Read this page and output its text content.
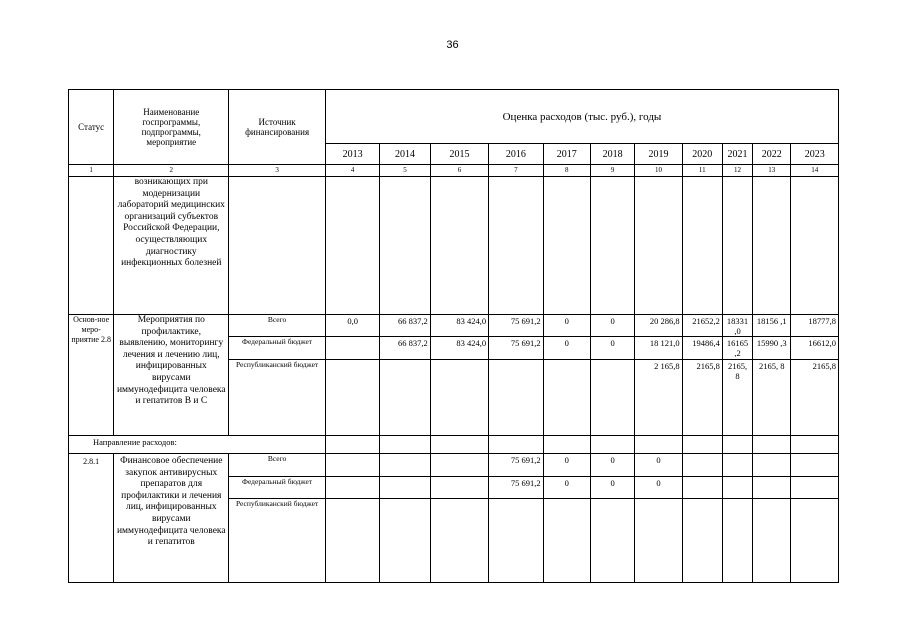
36
Статус	Наименование госпрограммы, подпрограммы, мероприятие	Источник финансирования	Оценка расходов (тыс. руб.), годы										
			2013	2014	2015	2016	2017	2018	2019	2020	2021	2022	2023
1	2	3	4	5	6	7	8	9	10	11	12	13	14
	возникающих при модернизации лабораторий медицинских организаций субъектов Российской Федерации, осуществляющих диагностику инфекционных болезней												
Основ-ное меро-приятие 2.8	Мероприятия по профилактике, выявлению, мониторингу лечения и лечению лиц, инфицированных вирусами иммунодефицита человека и гепатитов В и С	Всего	0,0	66 837,2	83 424,0	75 691,2	0	0	20 286,8	21652,2	18331 ,0	18156 ,1	18777,8
		Федеральный бюджет		66 837,2	83 424,0	75 691,2	0	0	18 121,0	19486,4	16165 ,2	15990 ,3	16612,0
		Республиканский бюджет							2 165,8	2165,8	2165, 8	2165, 8	2165,8
Направление расходов:													
2.8.1	Финансовое обеспечение закупок антивирусных препаратов для профилактики и лечения лиц, инфицированных вирусами иммунодефицита человека и гепатитов	Всего				75 691,2	0	0	0				
		Федеральный бюджет				75 691,2	0	0	0				
		Республиканский бюджет											
